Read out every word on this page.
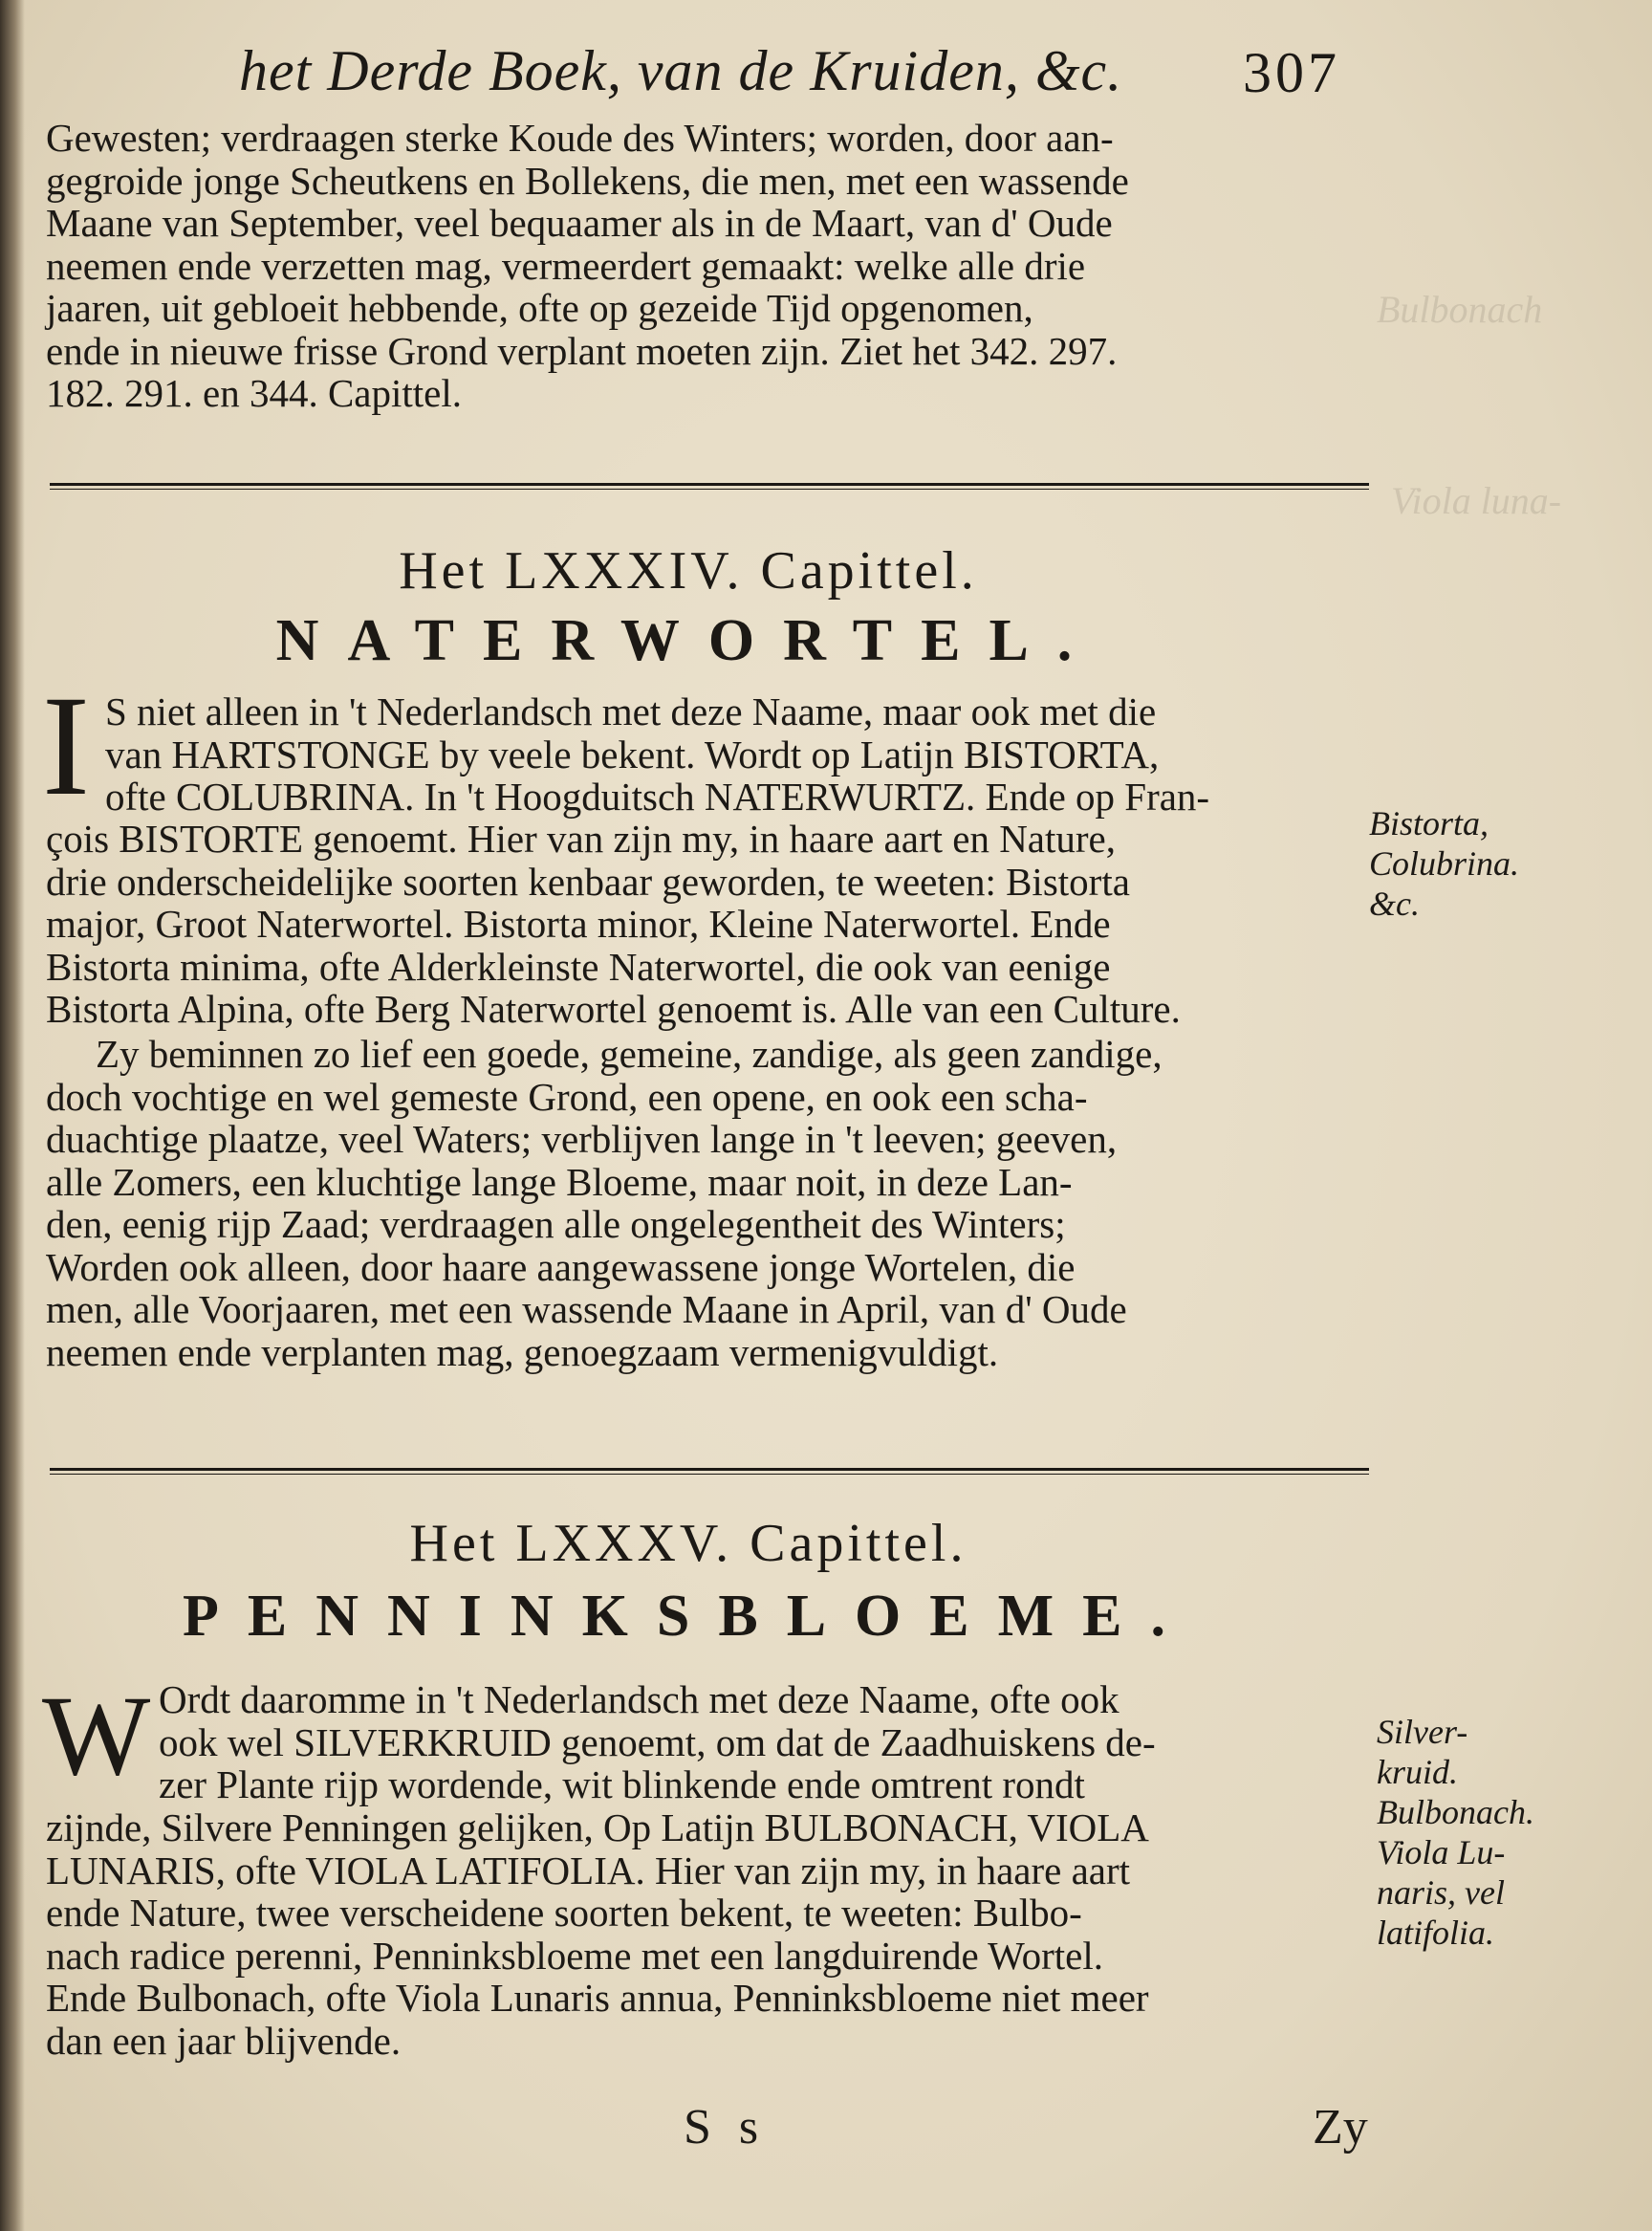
Bulbonach
Viola luna-
het Derde Boek, van de Kruiden, &c. 307
Gewesten; verdraagen sterke Koude des Winters; worden, door aan-
gegroide jonge Scheutkens en Bollekens, die men, met een wassende
Maane van September, veel bequaamer als in de Maart, van d' Oude
neemen ende verzetten mag, vermeerdert gemaakt: welke alle drie
jaaren, uit gebloeit hebbende, ofte op gezeide Tijd opgenomen,
ende in nieuwe frisse Grond verplant moeten zijn. Ziet het 342. 297.
182. 291. en 344. Capittel.
Het LXXXIV. Capittel.
NATERWORTEL.
I S niet alleen in 't Nederlandsch met deze Naame, maar ook met die
van HARTSTONGE by veele bekent. Wordt op Latijn BISTORTA,
ofte COLUBRINA. In 't Hoogduitsch NATERWURTZ. Ende op Fran-
çois BISTORTE genoemt. Hier van zijn my, in haare aart en Nature,
drie onderscheidelijke soorten kenbaar geworden, te weeten: Bistorta
major, Groot Naterwortel. Bistorta minor, Kleine Naterwortel. Ende
Bistorta minima, ofte Alderkleinste Naterwortel, die ook van eenige
Bistorta Alpina, ofte Berg Naterwortel genoemt is. Alle van een Culture.
Zy beminnen zo lief een goede, gemeine, zandige, als geen zandige,
doch vochtige en wel gemeste Grond, een opene, en ook een scha-
duachtige plaatze, veel Waters; verblijven lange in 't leeven; geeven,
alle Zomers, een kluchtige lange Bloeme, maar noit, in deze Lan-
den, eenig rijp Zaad; verdraagen alle ongelegentheit des Winters;
Worden ook alleen, door haare aangewassene jonge Wortelen, die
men, alle Voorjaaren, met een wassende Maane in April, van d' Oude
neemen ende verplanten mag, genoegzaam vermenigvuldigt.
Bistorta,
Colubrina.
&c.
Het LXXXV. Capittel.
PENNINKSBLOEME.
W Ordt daaromme in 't Nederlandsch met deze Naame, ofte ook
ook wel SILVERKRUID genoemt, om dat de Zaadhuiskens de-
zer Plante rijp wordende, wit blinkende ende omtrent rondt
zijnde, Silvere Penningen gelijken, Op Latijn BULBONACH, VIOLA
LUNARIS, ofte VIOLA LATIFOLIA. Hier van zijn my, in haare aart
ende Nature, twee verscheidene soorten bekent, te weeten: Bulbo-
nach radice perenni, Penninksbloeme met een langduirende Wortel.
Ende Bulbonach, ofte Viola Lunaris annua, Penninksbloeme niet meer
dan een jaar blijvende.
Silver-
kruid.
Bulbonach.
Viola Lu-
naris, vel
latifolia.
S s	Zy
